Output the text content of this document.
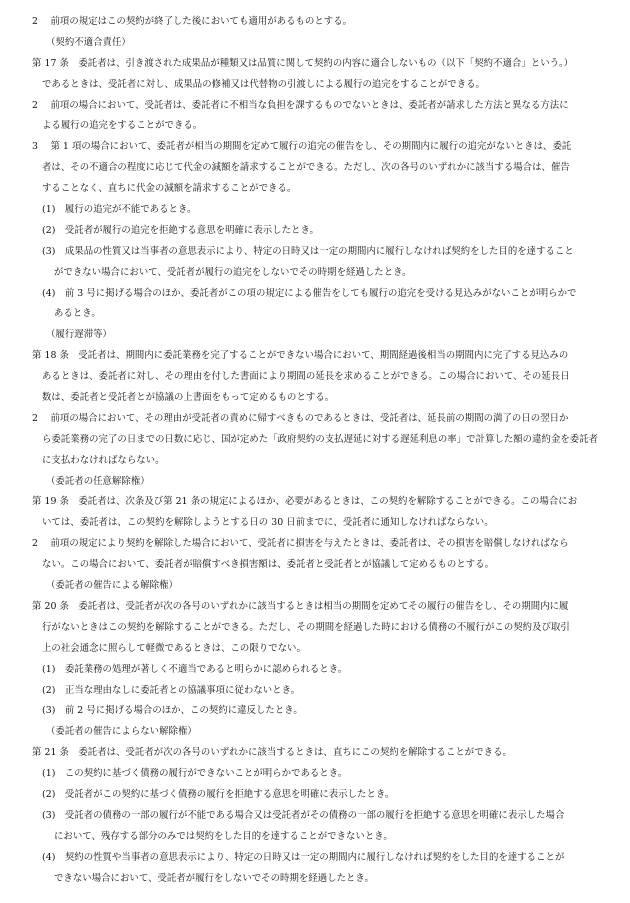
2　 前項の規定はこの契約が終了した後においても適用があるものとする。
（契約不適合責任）
第 17 条　委託者は、引き渡された成果品が種類又は品質に関して契約の内容に適合しないもの（以下「契約不適合」という。）
であるときは、受託者に対し、成果品の修補又は代替物の引渡しによる履行の追完をすることができる。
2　 前項の場合において、受託者は、委託者に不相当な負担を課するものでないときは、委託者が請求した方法と異なる方法に
よる履行の追完をすることができる。
3　 第 1 項の場合において、委託者が相当の期間を定めて履行の追完の催告をし、その期間内に履行の追完がないときは、委託
者は、その不適合の程度に応じて代金の減額を請求することができる。ただし、次の各号のいずれかに該当する場合は、催告
することなく、直ちに代金の減額を請求することができる。
(1)　履行の追完が不能であるとき。
(2)　受託者が履行の追完を拒絶する意思を明確に表示したとき。
(3)　成果品の性質又は当事者の意思表示により、特定の日時又は一定の期間内に履行しなければ契約をした目的を達すること
ができない場合において、受託者が履行の追完をしないでその時期を経過したとき。
(4)　前 3 号に掲げる場合のほか、委託者がこの項の規定による催告をしても履行の追完を受ける見込みがないことが明らかで
あるとき。
（履行遅滞等）
第 18 条　受託者は、期間内に委託業務を完了することができない場合において、期間経過後相当の期間内に完了する見込みの
あるときは、委託者に対し、その理由を付した書面により期間の延長を求めることができる。この場合において、その延長日
数は、委託者と受託者とが協議の上書面をもって定めるものとする。
2　 前項の場合において、その理由が受託者の責めに帰すべきものであるときは、受託者は、延長前の期間の満了の日の翌日か
ら委託業務の完了の日までの日数に応じ、国が定めた「政府契約の支払遅延に対する遅延利息の率」で計算した額の違約金を委託者
に支払わなければならない。
（委託者の任意解除権）
第 19 条　委託者は、次条及び第 21 条の規定によるほか、必要があるときは、この契約を解除することができる。この場合にお
いては、委託者は、この契約を解除しようとする日の 30 日前までに、受託者に通知しなければならない。
2　 前項の規定により契約を解除した場合において、受託者に損害を与えたときは、委託者は、その損害を賠償しなければなら
ない。この場合において、委託者が賠償すべき損害額は、委託者と受託者とが協議して定めるものとする。
（委託者の催告による解除権）
第 20 条　委託者は、受託者が次の各号のいずれかに該当するときは相当の期間を定めてその履行の催告をし、その期間内に履
行がないときはこの契約を解除することができる。ただし、その期間を経過した時における債務の不履行がこの契約及び取引
上の社会通念に照らして軽微であるときは、この限りでない。
(1)　委託業務の処理が著しく不適当であると明らかに認められるとき。
(2)　正当な理由なしに委託者との協議事項に従わないとき。
(3)　前 2 号に掲げる場合のほか、この契約に違反したとき。
（委託者の催告によらない解除権）
第 21 条　委託者は、受託者が次の各号のいずれかに該当するときは、直ちにこの契約を解除することができる。
(1)　この契約に基づく債務の履行ができないことが明らかであるとき。
(2)　受託者がこの契約に基づく債務の履行を拒絶する意思を明確に表示したとき。
(3)　受託者の債務の一部の履行が不能である場合又は受託者がその債務の一部の履行を拒絶する意思を明確に表示した場合
において、残存する部分のみでは契約をした目的を達することができないとき。
(4)　契約の性質や当事者の意思表示により、特定の日時又は一定の期間内に履行しなければ契約をした目的を達することが
できない場合において、受託者が履行をしないでその時期を経過したとき。
